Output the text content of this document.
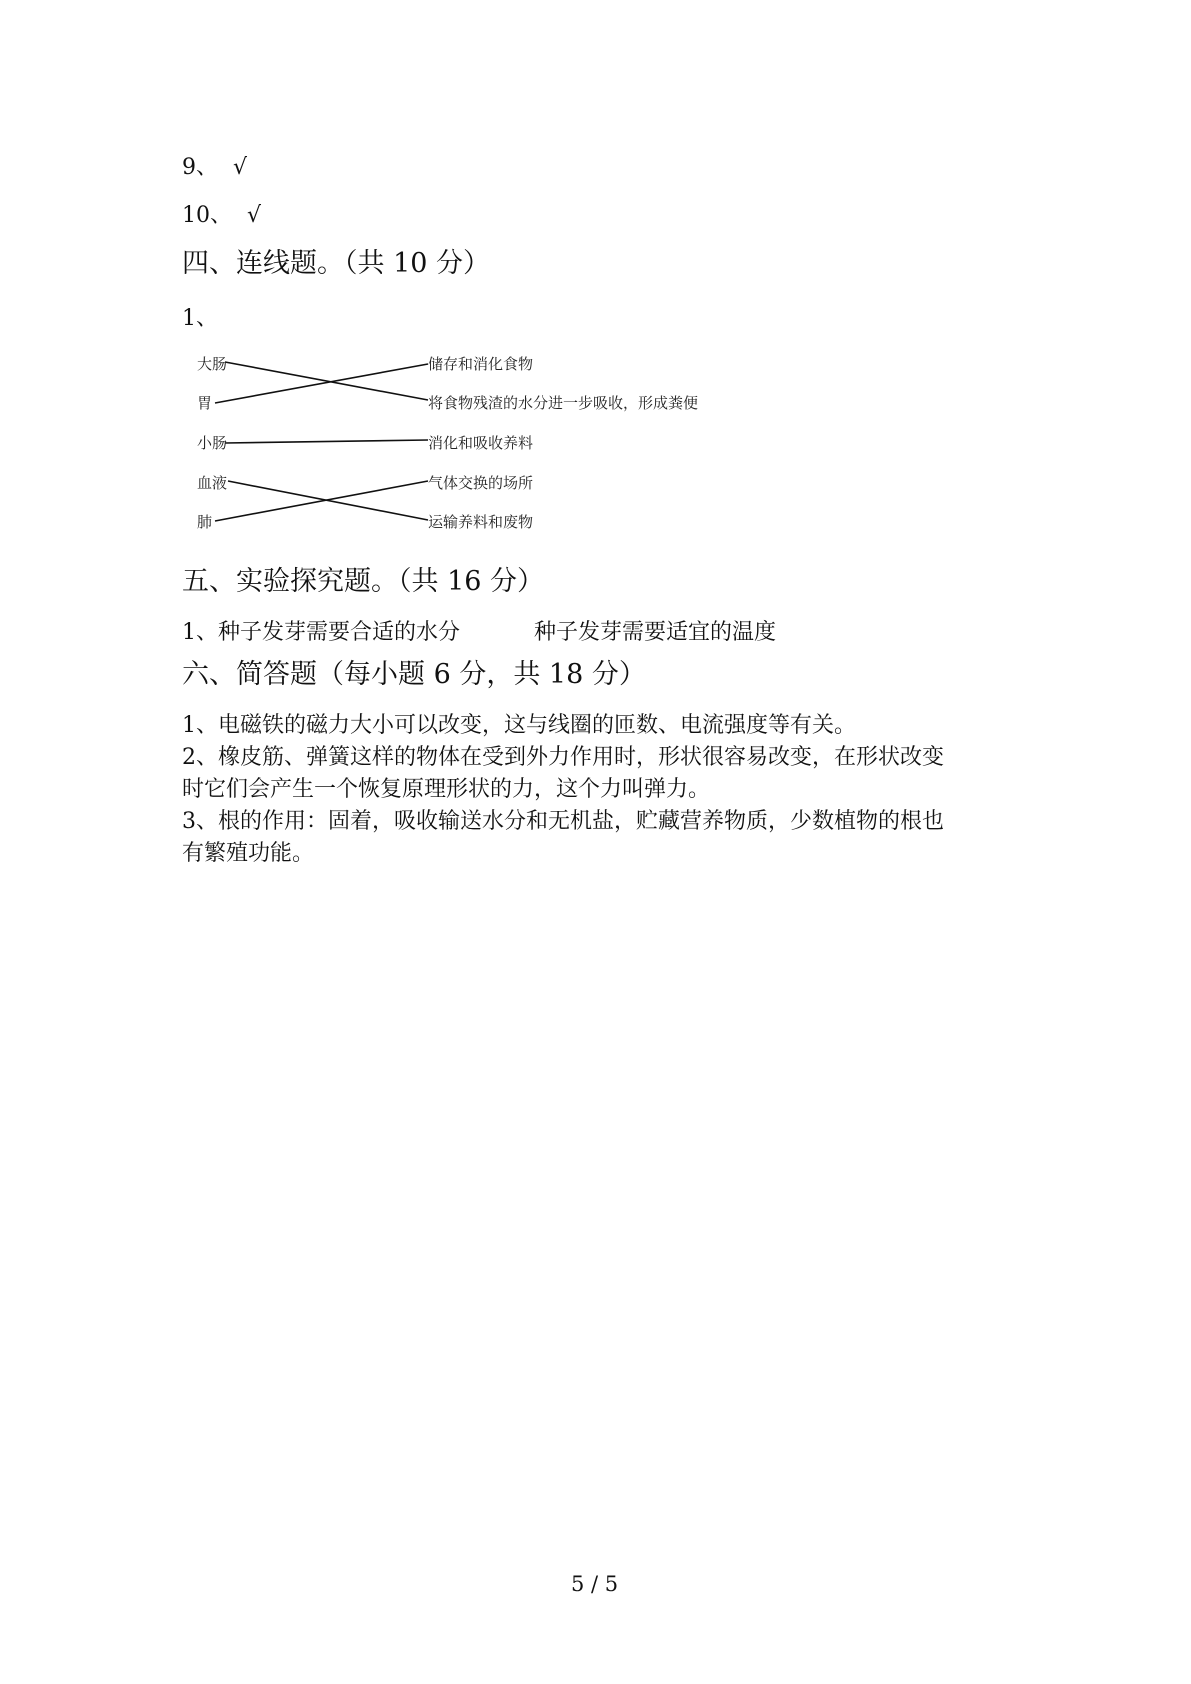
9、 √
10、 √
四、连线题。（共 10 分）
1、
大肠
胃
小肠
血液
肺
储存和消化食物
将食物残渣的水分进一步吸收，形成粪便
消化和吸收养料
气体交换的场所
运输养料和废物
五、实验探究题。（共 16 分）
1、种子发芽需要合适的水分	种子发芽需要适宜的温度
六、简答题（每小题 6 分，共 18 分）
1、电磁铁的磁力大小可以改变，这与线圈的匝数、电流强度等有关。
2、橡皮筋、弹簧这样的物体在受到外力作用时，形状很容易改变，在形状改变
时它们会产生一个恢复原理形状的力，这个力叫弹力。
3、根的作用：固着，吸收输送水分和无机盐，贮藏营养物质，少数植物的根也
有繁殖功能。
5 / 5
